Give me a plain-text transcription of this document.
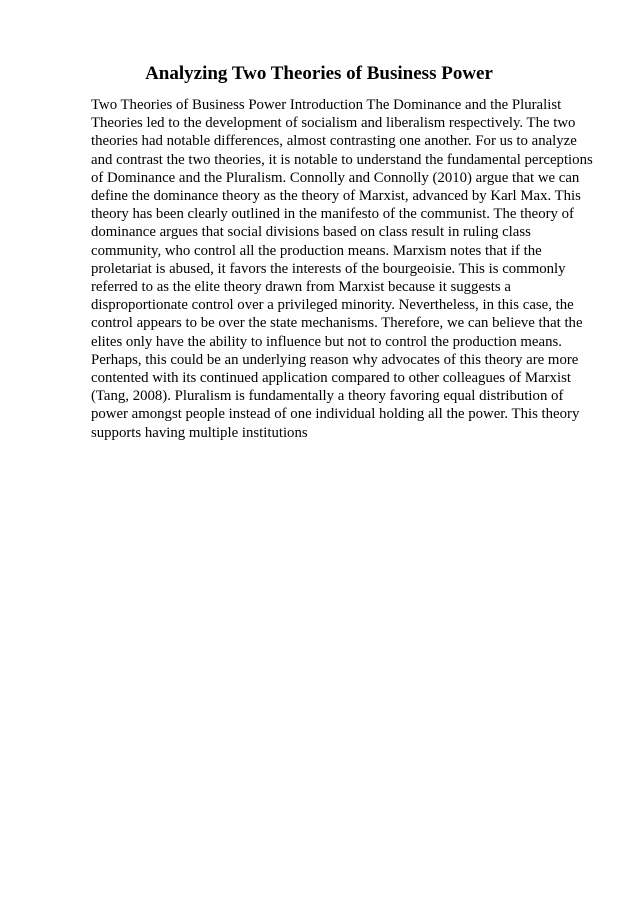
Analyzing Two Theories of Business Power
Two Theories of Business Power Introduction The Dominance and the Pluralist
Theories led to the development of socialism and liberalism respectively. The two
theories had notable differences, almost contrasting one another. For us to analyze
and contrast the two theories, it is notable to understand the fundamental perceptions
of Dominance and the Pluralism. Connolly and Connolly (2010) argue that we can
define the dominance theory as the theory of Marxist, advanced by Karl Max. This
theory has been clearly outlined in the manifesto of the communist. The theory of
dominance argues that social divisions based on class result in ruling class
community, who control all the production means. Marxism notes that if the
proletariat is abused, it favors the interests of the bourgeoisie. This is commonly
referred to as the elite theory drawn from Marxist because it suggests a
disproportionate control over a privileged minority. Nevertheless, in this case, the
control appears to be over the state mechanisms. Therefore, we can believe that the
elites only have the ability to influence but not to control the production means.
Perhaps, this could be an underlying reason why advocates of this theory are more
contented with its continued application compared to other colleagues of Marxist
(Tang, 2008). Pluralism is fundamentally a theory favoring equal distribution of
power amongst people instead of one individual holding all the power. This theory
supports having multiple institutions
